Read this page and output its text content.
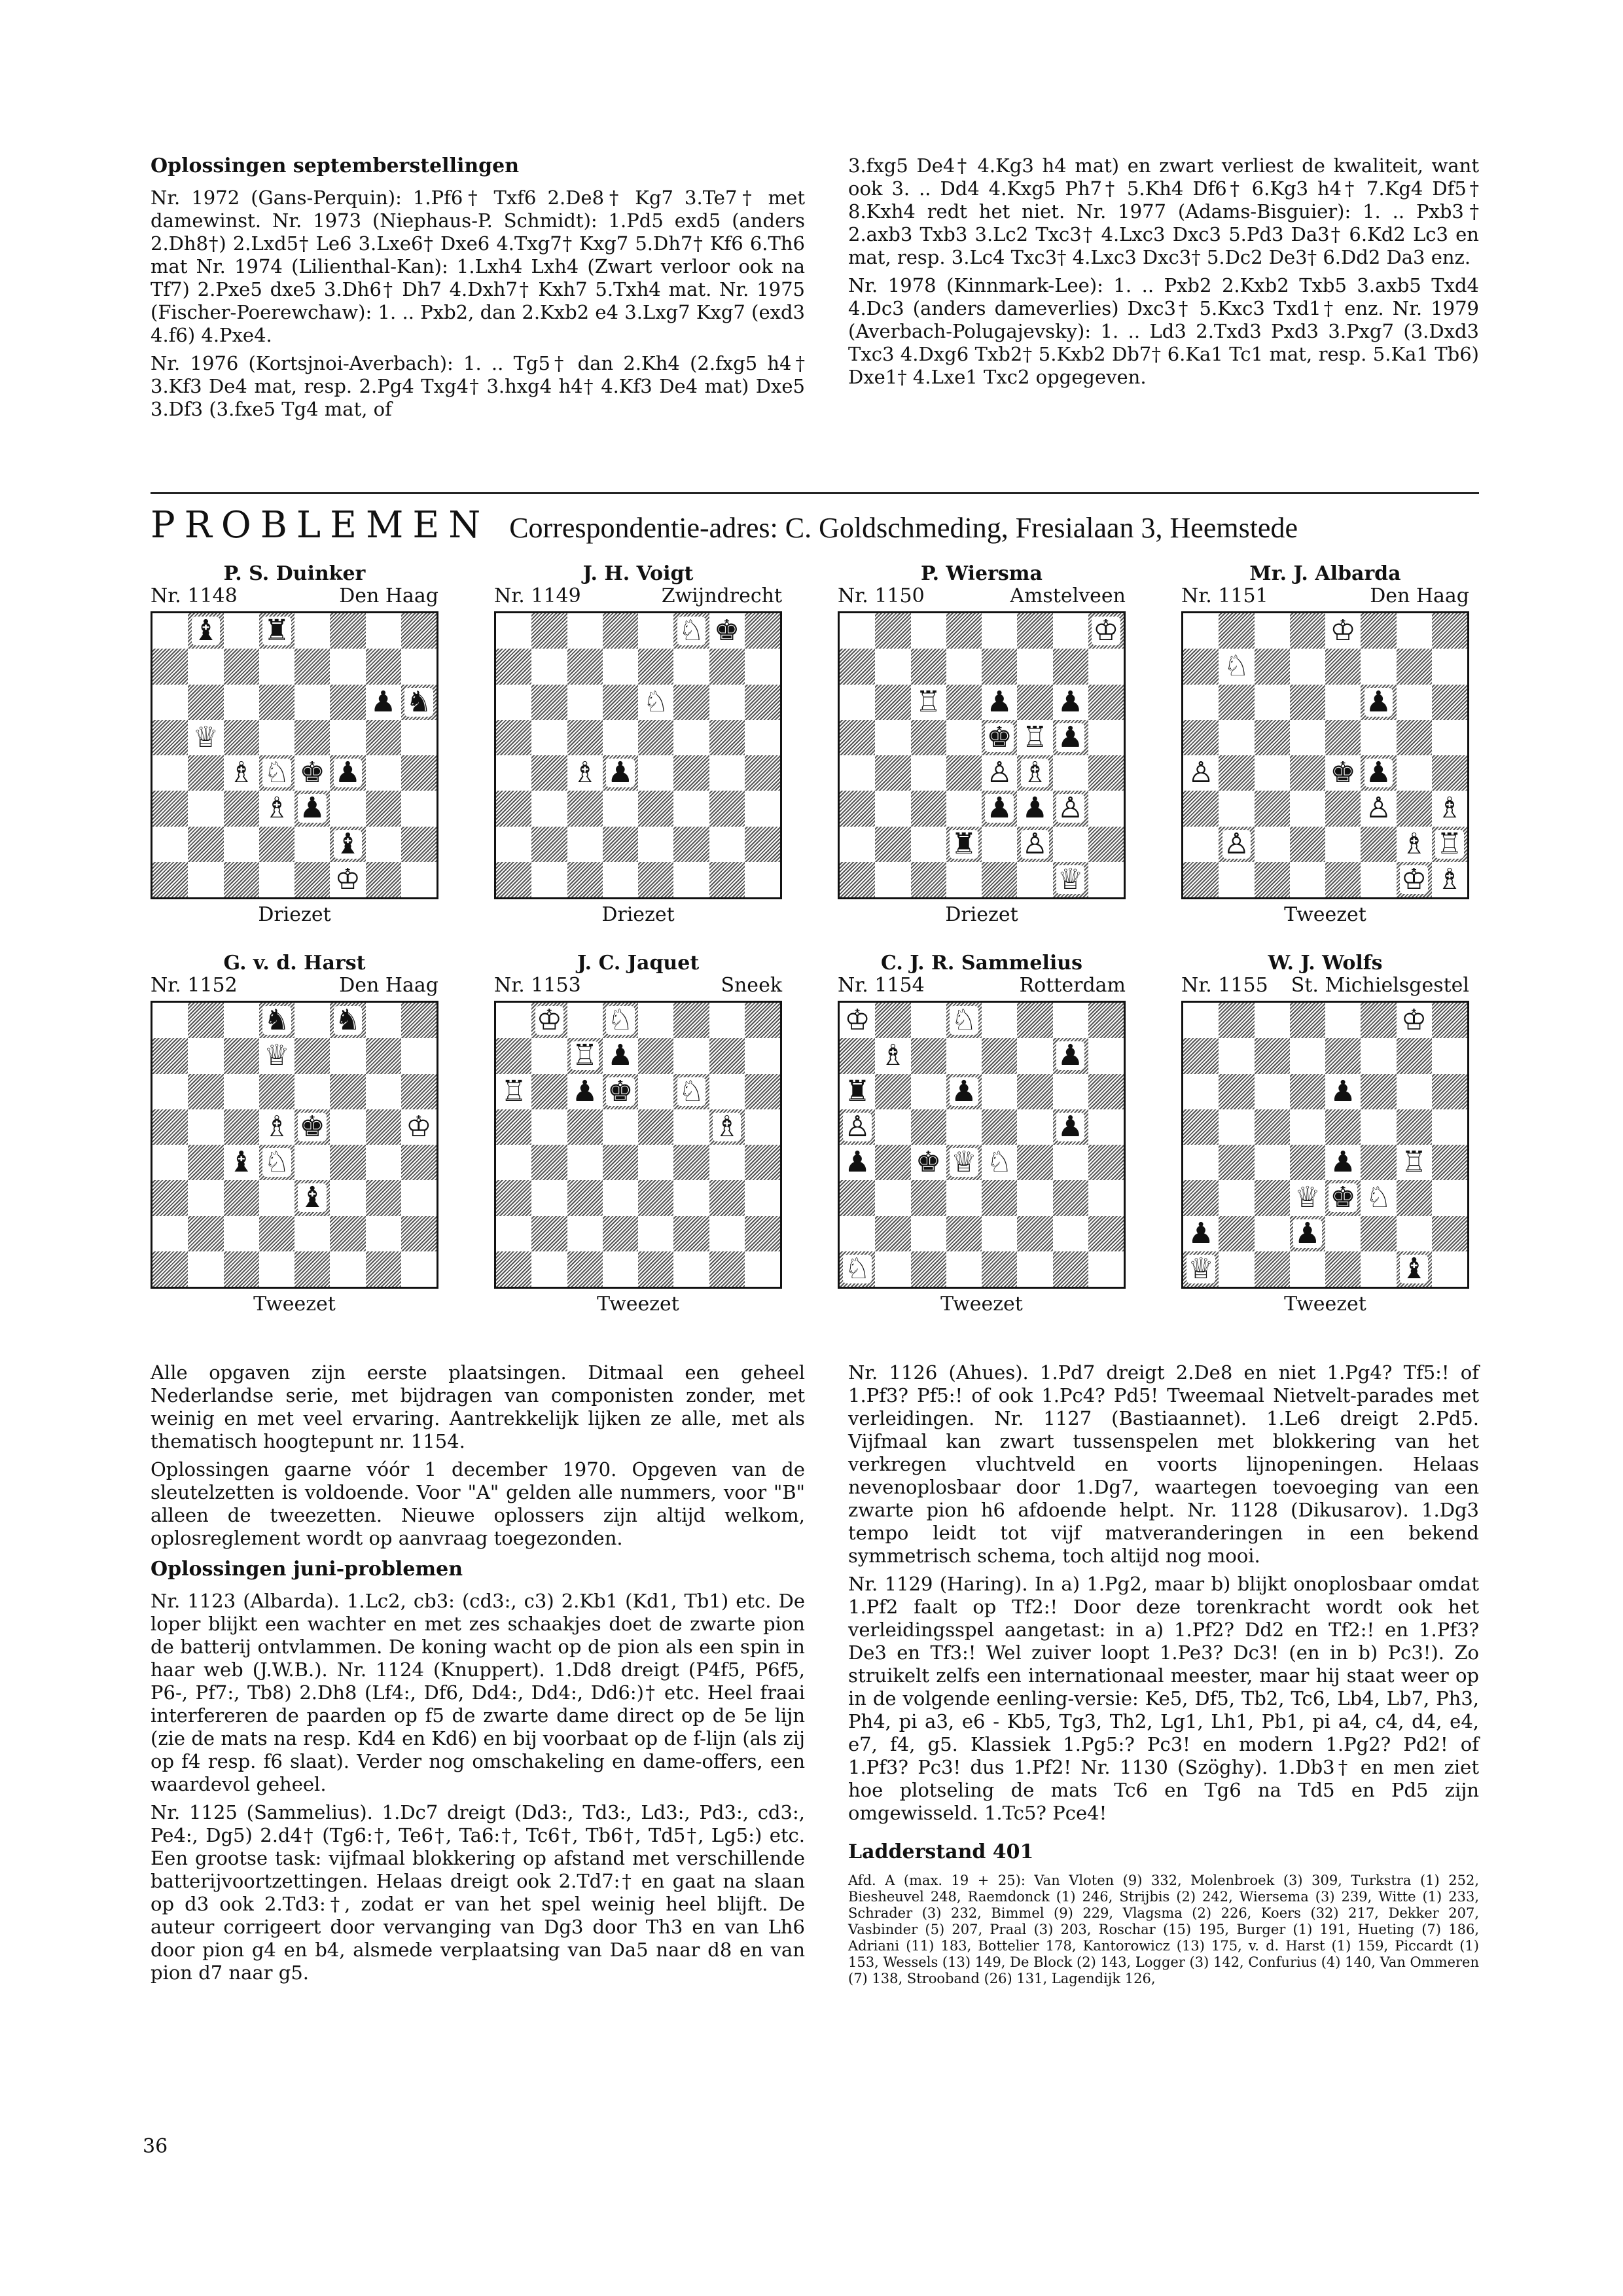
Oplossingen septemberstellingen

Nr. 1972 (Gans-Perquin): 1.Pf6† Txf6 2.De8† Kg7 3.Te7† met damewinst. Nr. 1973 (Niephaus-P. Schmidt): 1.Pd5 exd5 (anders 2.Dh8†) 2.Lxd5† Le6 3.Lxe6† Dxe6 4.Txg7† Kxg7 5.Dh7† Kf6 6.Th6 mat Nr. 1974 (Lilienthal-Kan): 1.Lxh4 Lxh4 (Zwart verloor ook na Tf7) 2.Pxe5 dxe5 3.Dh6† Dh7 4.Dxh7† Kxh7 5.Txh4 mat. Nr. 1975 (Fischer-Poerewchaw): 1. .. Pxb2, dan 2.Kxb2 e4 3.Lxg7 Kxg7 (exd3 4.f6) 4.Pxe4.

Nr. 1976 (Kortsjnoi-Averbach): 1. .. Tg5† dan 2.Kh4 (2.fxg5 h4† 3.Kf3 De4 mat, resp. 2.Pg4 Txg4† 3.hxg4 h4† 4.Kf3 De4 mat) Dxe5 3.Df3 (3.fxe5 Tg4 mat, of

3.fxg5 De4† 4.Kg3 h4 mat) en zwart verliest de kwaliteit, want ook 3. .. Dd4 4.Kxg5 Ph7† 5.Kh4 Df6† 6.Kg3 h4† 7.Kg4 Df5† 8.Kxh4 redt het niet. Nr. 1977 (Adams-Bisguier): 1. .. Pxb3† 2.axb3 Txb3 3.Lc2 Txc3† 4.Lxc3 Dxc3 5.Pd3 Da3† 6.Kd2 Lc3 en mat, resp. 3.Lc4 Txc3† 4.Lxc3 Dxc3† 5.Dc2 De3† 6.Dd2 Da3 enz.

Nr. 1978 (Kinnmark-Lee): 1. .. Pxb2 2.Kxb2 Txb5 3.axb5 Txd4 4.Dc3 (anders dameverlies) Dxc3† 5.Kxc3 Txd1† enz. Nr. 1979 (Averbach-Polugajevsky): 1. .. Ld3 2.Txd3 Pxd3 3.Pxg7 (3.Dxd3 Txc3 4.Dxg6 Txb2† 5.Kxb2 Db7† 6.Ka1 Tc1 mat, resp. 5.Ka1 Tb6) Dxe1† 4.Lxe1 Txc2 opgegeven.

PROBLEMEN Correspondentie-adres: C. Goldschmeding, Fresialaan 3, Heemstede
P. S. Duinker
Nr. 1148	Den Haag
♝ ♜
♟ ♞
♕
♗ ♘ ♚ ♟
♗ ♟
♝
♔
Driezet
J. H. Voigt
Nr. 1149	Zwijndrecht
♘ ♚
♘
♗ ♟
Driezet
P. Wiersma
Nr. 1150	Amstelveen
♔
♖ ♟ ♟
♚ ♖ ♟
♙ ♗
♟ ♟ ♙
♜ ♙
♕
Driezet
Mr. J. Albarda
Nr. 1151	Den Haag
♔
♘
♟
♙	♚ ♟
♙ ♗
♙	♗ ♖
♔ ♗
Tweezet
G. v. d. Harst
Nr. 1152	Den Haag
♞ ♞
♕
♗ ♚	♔
♝ ♘
♝
Tweezet
J. C. Jaquet
Nr. 1153	Sneek
♔ ♘
♖ ♟
♖ ♟ ♚ ♘
♗
Tweezet
C. J. R. Sammelius
Nr. 1154	Rotterdam
♔	♘
♗	♟
♜	♟
♙	♟
♟ ♚ ♕ ♘
♘
Tweezet
W. J. Wolfs
Nr. 1155 St. Michielsgestel
♔
♟
♟ ♖
♕ ♚ ♘
♟	♟
♕	♝
Tweezet

Alle opgaven zijn eerste plaatsingen. Ditmaal een geheel Nederlandse serie, met bijdragen van componisten zonder, met weinig en met veel ervaring. Aantrekkelijk lijken ze alle, met als thematisch hoogtepunt nr. 1154.

Oplossingen gaarne vóór 1 december 1970. Opgeven van de sleutelzetten is voldoende. Voor "A" gelden alle nummers, voor "B" alleen de tweezetten. Nieuwe oplossers zijn altijd welkom, oplosreglement wordt op aanvraag toegezonden.

Oplossingen juni-problemen

Nr. 1123 (Albarda). 1.Lc2, cb3: (cd3:, c3) 2.Kb1 (Kd1, Tb1) etc. De loper blijkt een wachter en met zes schaakjes doet de zwarte pion de batterij ontvlammen. De koning wacht op de pion als een spin in haar web (J.W.B.). Nr. 1124 (Knuppert). 1.Dd8 dreigt (P4f5, P6f5, P6-, Pf7:, Tb8) 2.Dh8 (Lf4:, Df6, Dd4:, Dd4:, Dd6:)† etc. Heel fraai interfereren de paarden op f5 de zwarte dame direct op de 5e lijn (zie de mats na resp. Kd4 en Kd6) en bij voorbaat op de f-lijn (als zij op f4 resp. f6 slaat). Verder nog omschakeling en dame-offers, een waardevol geheel.

Nr. 1125 (Sammelius). 1.Dc7 dreigt (Dd3:, Td3:, Ld3:, Pd3:, cd3:, Pe4:, Dg5) 2.d4† (Tg6:†, Te6†, Ta6:†, Tc6†, Tb6†, Td5†, Lg5:) etc. Een grootse task: vijfmaal blokkering op afstand met verschillende batterijvoortzettingen. Helaas dreigt ook 2.Td7:† en gaat na slaan op d3 ook 2.Td3:†, zodat er van het spel weinig heel blijft. De auteur corrigeert door vervanging van Dg3 door Th3 en van Lh6 door pion g4 en b4, alsmede verplaatsing van Da5 naar d8 en van pion d7 naar g5.

Nr. 1126 (Ahues). 1.Pd7 dreigt 2.De8 en niet 1.Pg4? Tf5:! of 1.Pf3? Pf5:! of ook 1.Pc4? Pd5! Tweemaal Nietvelt-parades met verleidingen. Nr. 1127 (Bastiaannet). 1.Le6 dreigt 2.Pd5. Vijfmaal kan zwart tussenspelen met blokkering van het verkregen vluchtveld en voorts lijnopeningen. Helaas nevenoplosbaar door 1.Dg7, waartegen toevoeging van een zwarte pion h6 afdoende helpt. Nr. 1128 (Dikusarov). 1.Dg3 tempo leidt tot vijf matveranderingen in een bekend symmetrisch schema, toch altijd nog mooi.

Nr. 1129 (Haring). In a) 1.Pg2, maar b) blijkt onoplosbaar omdat 1.Pf2 faalt op Tf2:! Door deze torenkracht wordt ook het verleidingsspel aangetast: in a) 1.Pf2? Dd2 en Tf2:! en 1.Pf3? De3 en Tf3:! Wel zuiver loopt 1.Pe3? Dc3! (en in b) Pc3!). Zo struikelt zelfs een internationaal meester, maar hij staat weer op in de volgende eenling-versie: Ke5, Df5, Tb2, Tc6, Lb4, Lb7, Ph3, Ph4, pi a3, e6 - Kb5, Tg3, Th2, Lg1, Lh1, Pb1, pi a4, c4, d4, e4, e7, f4, g5. Klassiek 1.Pg5:? Pc3! en modern 1.Pg2? Pd2! of 1.Pf3? Pc3! dus 1.Pf2! Nr. 1130 (Szöghy). 1.Db3† en men ziet hoe plotseling de mats Tc6 en Tg6 na Td5 en Pd5 zijn omgewisseld. 1.Tc5? Pce4!

Ladderstand 401

Afd. A (max. 19 + 25): Van Vloten (9) 332, Molenbroek (3) 309, Turkstra (1) 252, Biesheuvel 248, Raemdonck (1) 246, Strijbis (2) 242, Wiersema (3) 239, Witte (1) 233, Schrader (3) 232, Bimmel (9) 229, Vlagsma (2) 226, Koers (32) 217, Dekker 207, Vasbinder (5) 207, Praal (3) 203, Roschar (15) 195, Burger (1) 191, Hueting (7) 186, Adriani (11) 183, Bottelier 178, Kantorowicz (13) 175, v. d. Harst (1) 159, Piccardt (1) 153, Wessels (13) 149, De Block (2) 143, Logger (3) 142, Confurius (4) 140, Van Ommeren (7) 138, Strooband (26) 131, Lagendijk 126,

36
